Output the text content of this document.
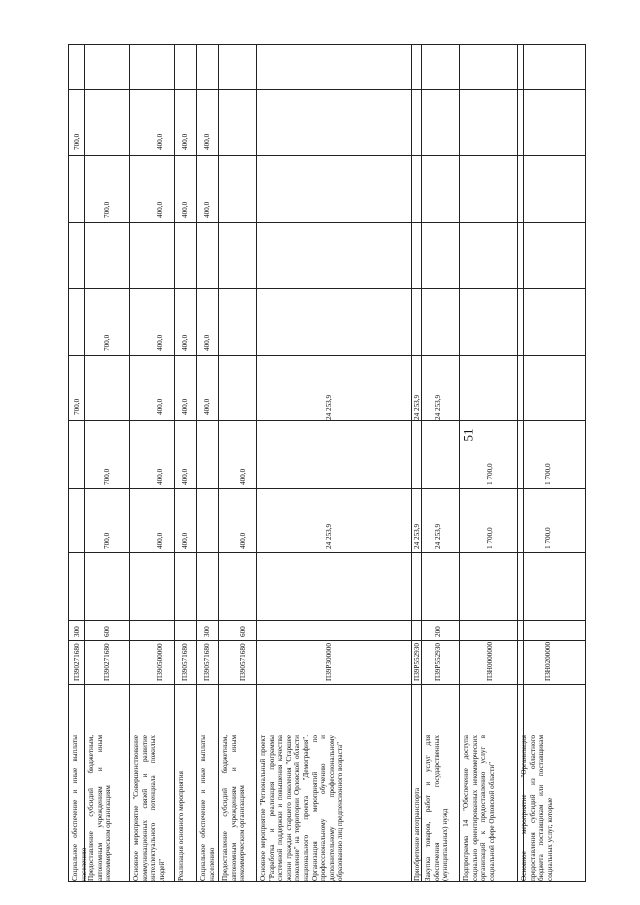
51
Социальное обеспечение и иные выплаты населению
П390271680
300
700,0
700,0
Предоставление субсидий бюджетным, автономным учреждениям и иным некоммерческим организациям
П390271680
600
700,0
700,0
700,0
700,0
Основное мероприятие "Совершенствование коммуникационных связей и развитие интеллектуального потенциала пожилых людей"
П390500000
400,0
400,0
400,0
400,0
400,0
400,0
Реализация основного мероприятия
П390571680
400,0
400,0
400,0
400,0
400,0
400,0
Социальное обеспечение и иные выплаты населению
П390571680
300
400,0
400,0
400,0
400,0
Предоставление субсидий бюджетным, автономным учреждениям и иным некоммерческим организациям
П390571680
600
400,0
400,0
Основное мероприятие "Региональный проект "Разработка и реализация программы системной поддержки и повышения качества жизни граждан старшего поколения "Старшее поколение" на территории Орловской области национального проекта "Демография". Организация мероприятий по профессиональному обучению и дополнительному профессиональному образованию лиц предпенсионного возраста"
П39Р300000
24 253,9
24 253,9
Приобретение автотранспорта
П39Р552930
24 253,9
24 253,9
Закупка товаров, работ и услуг для обеспечения государственных (муниципальных) нужд
П39Р552930
200
24 253,9
24 253,9
Подпрограмма 14 "Обеспечение доступа социально ориентированных некоммерческих организаций к предоставлению услуг в социальной сфере Орловской области"
П3Н0000000
1 700,0
1 700,0
Основное мероприятие "Организация предоставления субсидий из областного бюджета поставщикам или поставщикам социальных услуг, которые
П3Н0200000
1 700,0
1 700,0
